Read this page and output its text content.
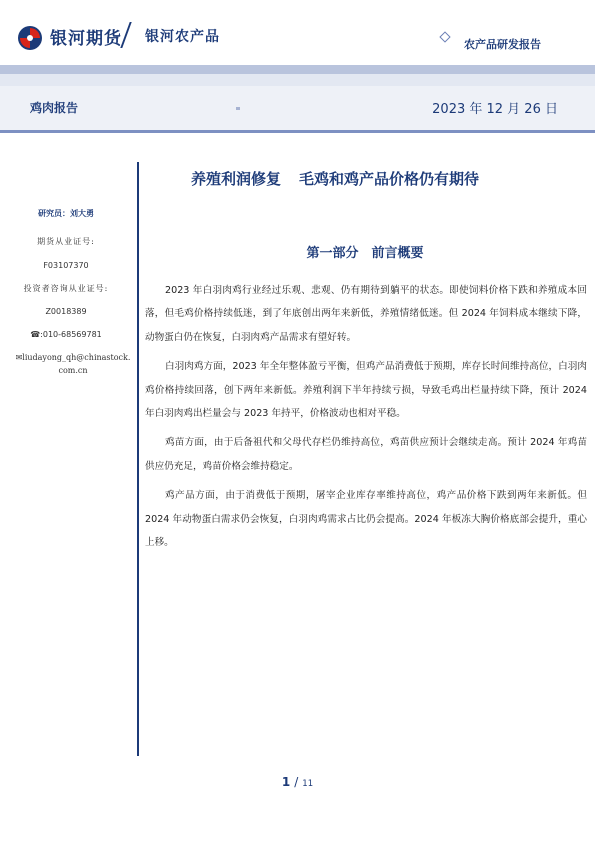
银河期货 银河农产品	农产品研发报告
鸡肉报告	2023 年 12 月 26 日
研究员：刘大勇
期货从业证号:
F03107370
投资者咨询从业证号:
Z0018389
☎:010-68569781
✉liudayong_qh@chinastock.com.cn
养殖利润修复 毛鸡和鸡产品价格仍有期待
第一部分　前言概要

2023 年白羽肉鸡行业经过乐观、悲观、仍有期待到躺平的状态。即使饲料价格下跌和养殖成本回落，但毛鸡价格持续低迷，到了年底创出两年来新低，养殖情绪低迷。但 2024 年饲料成本继续下降，动物蛋白仍在恢复，白羽肉鸡产品需求有望好转。

白羽肉鸡方面，2023 年全年整体盈亏平衡，但鸡产品消费低于预期，库存长时间维持高位，白羽肉鸡价格持续回落，创下两年来新低。养殖利润下半年持续亏损，导致毛鸡出栏量持续下降，预计 2024 年白羽肉鸡出栏量会与 2023 年持平，价格波动也相对平稳。

鸡苗方面，由于后备祖代和父母代存栏仍维持高位，鸡苗供应预计会继续走高。预计 2024 年鸡苗供应仍充足，鸡苗价格会维持稳定。

鸡产品方面，由于消费低于预期，屠宰企业库存率维持高位，鸡产品价格下跌到两年来新低。但 2024 年动物蛋白需求仍会恢复，白羽肉鸡需求占比仍会提高。2024 年板冻大胸价格底部会提升，重心上移。

1 / 11
